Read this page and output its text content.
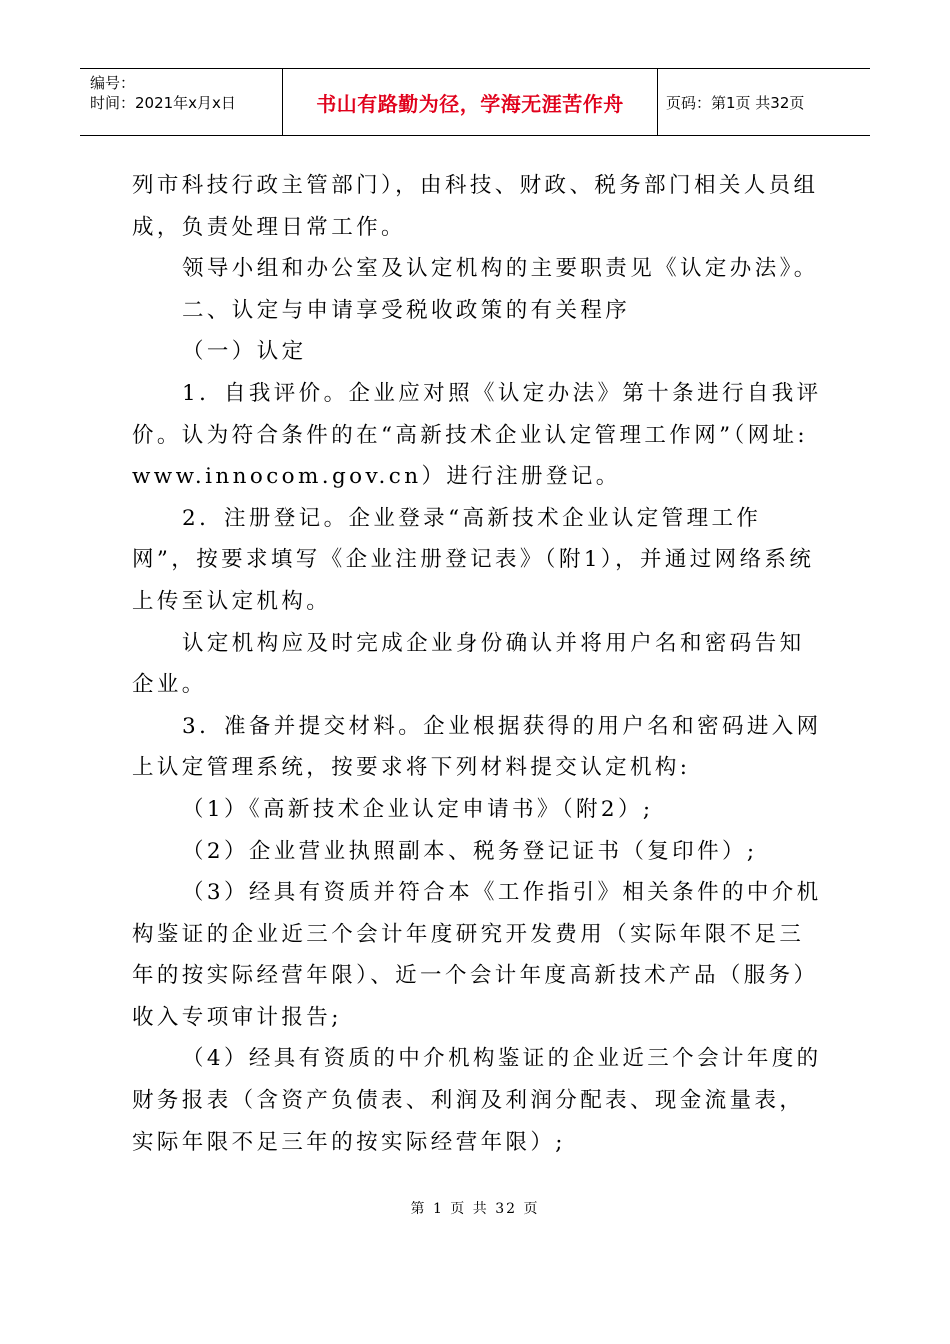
编号：
时间：2021年x月x日	书山有路勤为径，学海无涯苦作舟	页码：第1页 共32页

列市科技行政主管部门），由科技、财政、税务部门相关人员组成，负责处理日常工作。

领导小组和办公室及认定机构的主要职责见《认定办法》。

二、认定与申请享受税收政策的有关程序

（一）认定

1．自我评价。企业应对照《认定办法》第十条进行自我评价。认为符合条件的在“高新技术企业认定管理工作网”（网址: www.innocom.gov.cn）进行注册登记。

2．注册登记。企业登录“高新技术企业认定管理工作网”，按要求填写《企业注册登记表》（附1），并通过网络系统上传至认定机构。

认定机构应及时完成企业身份确认并将用户名和密码告知企业。

3．准备并提交材料。企业根据获得的用户名和密码进入网上认定管理系统，按要求将下列材料提交认定机构:

（1）《高新技术企业认定申请书》（附2）;

（2）企业营业执照副本、税务登记证书（复印件）;

（3）经具有资质并符合本《工作指引》相关条件的中介机构鉴证的企业近三个会计年度研究开发费用（实际年限不足三年的按实际经营年限）、近一个会计年度高新技术产品（服务）收入专项审计报告;

（4）经具有资质的中介机构鉴证的企业近三个会计年度的财务报表（含资产负债表、利润及利润分配表、现金流量表，实际年限不足三年的按实际经营年限）;

第 1 页 共 32 页
